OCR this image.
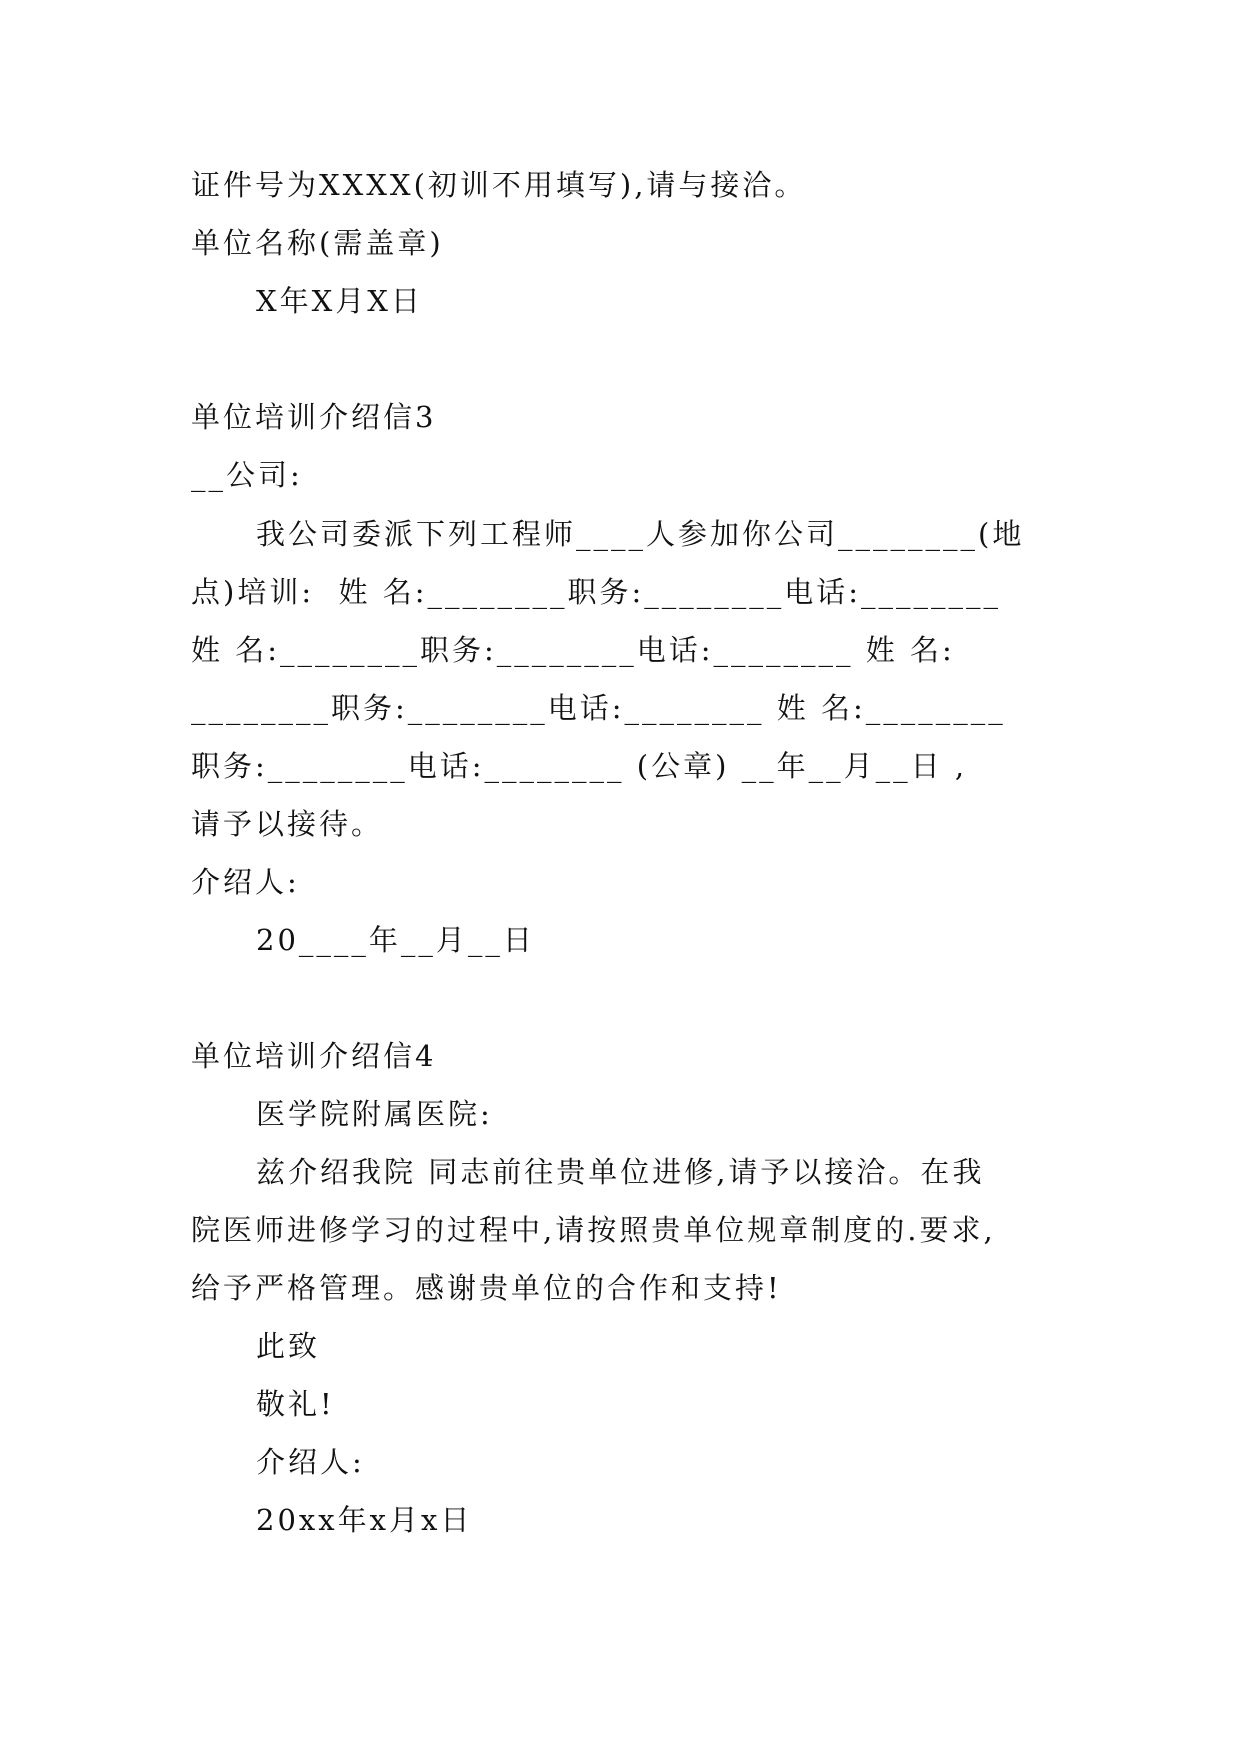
证件号为XXXX(初训不用填写),请与接洽。
单位名称(需盖章)
X年X月X日
单位培训介绍信3
__公司:
我公司委派下列工程师____人参加你公司________(地
点)培训:  姓 名:________职务:________电话:________
姓 名:________职务:________电话:________ 姓 名:
________职务:________电话:________ 姓 名:________
职务:________电话:________ (公章) __年__月__日 ,
请予以接待。
介绍人:
20____年__月__日
单位培训介绍信4
医学院附属医院:
兹介绍我院 同志前往贵单位进修,请予以接洽。在我
院医师进修学习的过程中,请按照贵单位规章制度的.要求,
给予严格管理。感谢贵单位的合作和支持!
此致
敬礼!
介绍人:
20xx年x月x日
